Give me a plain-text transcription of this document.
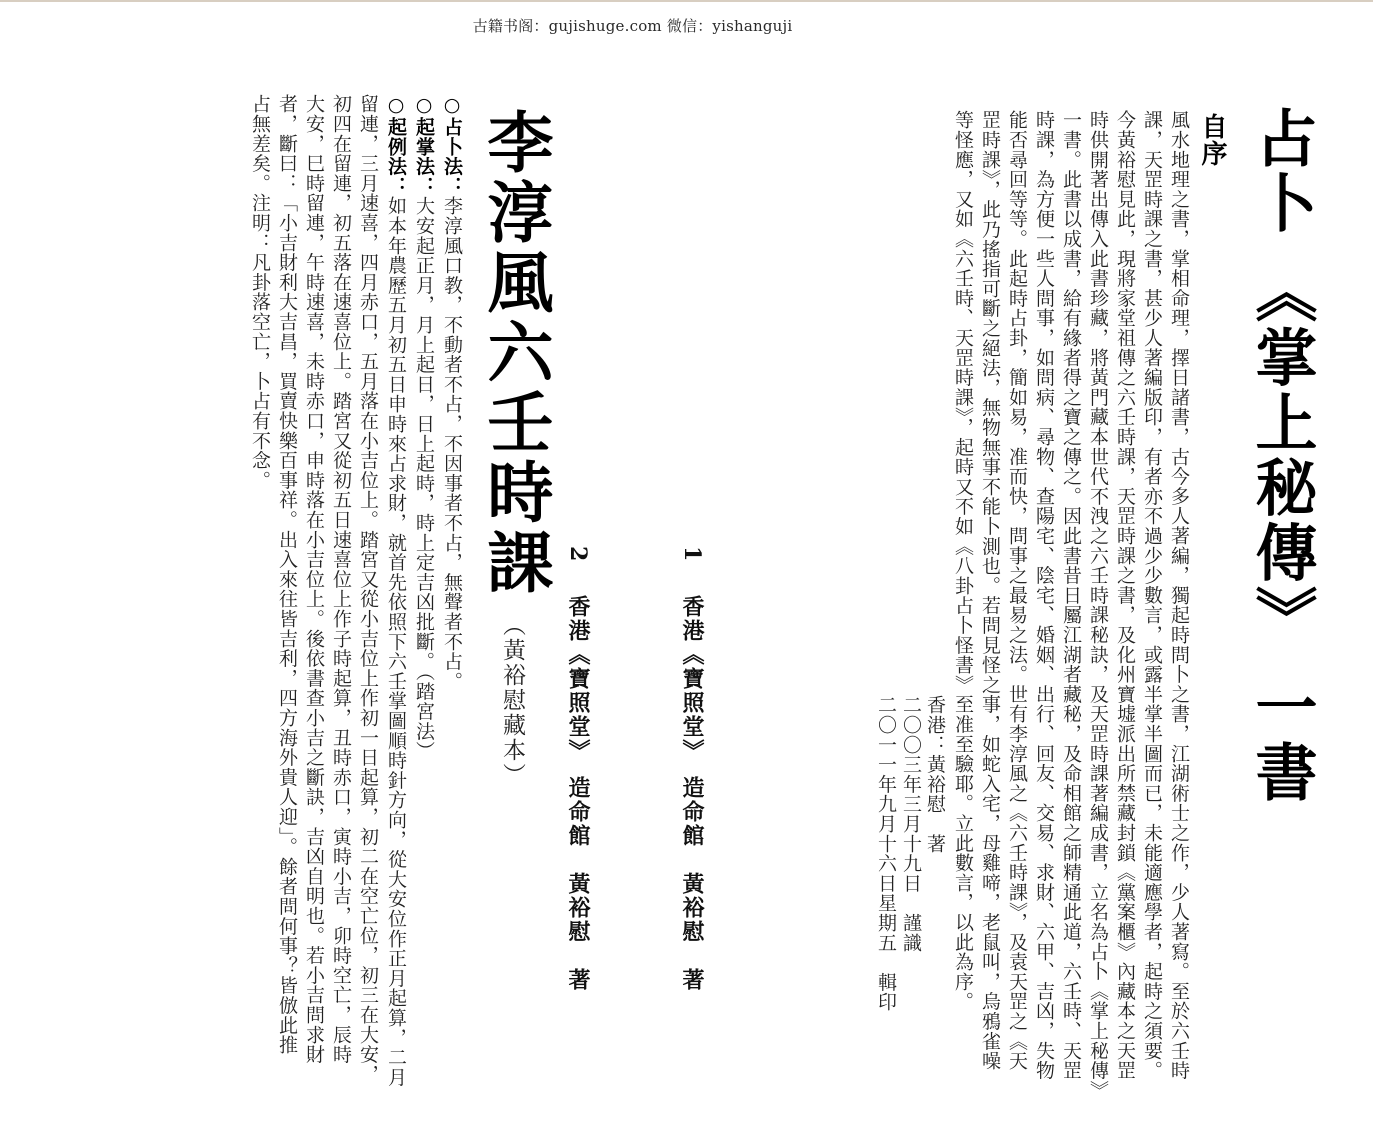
古籍书阁：gujishuge.com 微信：yishanguji
占卜 《掌上秘傳》 一書
自序
風水地理之書，掌相命理，擇日諸書，古今多人著編，獨起時問卜之書，江湖術士之作，少人著寫。至於六壬時
課，天罡時課之書，甚少人著編版印，有者亦不過少少數言，或露半掌半圖而已，未能適應學者，起時之須要。
今黃裕慰見此，現將家堂祖傳之六壬時課，天罡時課之書，及化州寶墟派出所禁藏封鎖《黨案櫃》內藏本之天罡
時供開著出傳入此書珍藏，將黃門藏本世代不洩之六壬時課秘訣，及天罡時課著編成書，立名為占卜《掌上秘傳》
一書。此書以成書，給有緣者得之寶之傳之。因此書昔日屬江湖者藏秘，及命相館之師精通此道，六壬時、天罡
時課，為方便一些人問事，如問病、尋物、查陽宅、陰宅、婚姻、出行、回友、交易、求財、六甲、吉凶，失物
能否尋回等等。此起時占卦，簡如易，准而快，問事之最易之法。世有李淳風之《六壬時課》，及袁天罡之《天
罡時課》，此乃搖指可斷之絕法，無物無事不能卜測也。若問見怪之事，如蛇入宅，母雞啼，老鼠叫，烏鴉雀噪
等怪應，又如《六壬時、天罡時課》，起時又不如《八卦占卜怪書》至准至驗耶。立此數言，以此為序。
香港：黃裕慰　著
二〇〇三年三月十九日　謹識
二〇一一年九月十六日星期五　輯印
1
香港《寶照堂》　造命館　黃裕慰　著
2
香港《寶照堂》　造命館　黃裕慰　著
李淳風六壬時課
（黃裕慰藏本）
○占卜法：李淳風口教，不動者不占，不因事者不占，無聲者不占。
○起掌法：大安起正月，月上起日，日上起時，時上定吉凶批斷。（踏宮法）
○起例法：如本年農歷五月初五日申時來占求財，就首先依照下六壬掌圖順時針方向，從大安位作正月起算，二月
留連，三月速喜，四月赤口，五月落在小吉位上。踏宮又從小吉位上作初一日起算，初二在空亡位，初三在大安，
初四在留連，初五落在速喜位上。踏宮又從初五日速喜位上作子時起算，丑時赤口，寅時小吉，卯時空亡，辰時
大安，巳時留連，午時速喜，未時赤口，申時落在小吉位上。後依書查小吉之斷訣，吉凶自明也。若小吉問求財
者，斷曰：「小吉財利大吉昌，買賣快樂百事祥。出入來往皆吉利，四方海外貴人迎」。餘者問何事？皆倣此推
占無差矣。注明：凡卦落空亡，卜占有不念。
